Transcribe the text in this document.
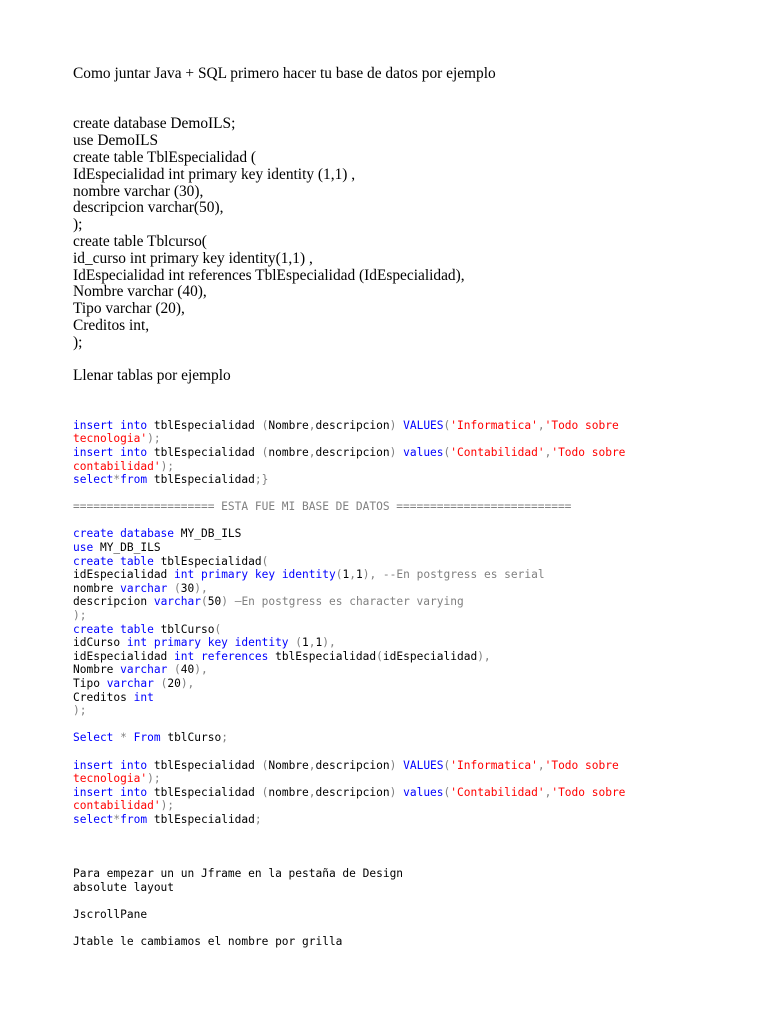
Como juntar Java + SQL primero hacer tu base de datos por ejemplo
create database DemoILS;
use DemoILS
create table TblEspecialidad (
IdEspecialidad int primary key identity (1,1) ,
nombre varchar (30),
descripcion varchar(50),
);
create table Tblcurso(
id_curso int primary key identity(1,1) ,
IdEspecialidad int references TblEspecialidad (IdEspecialidad),
Nombre varchar (40),
Tipo varchar (20),
Creditos int,
);
Llenar tablas por ejemplo
insert into tblEspecialidad (Nombre,descripcion) VALUES('Informatica','Todo sobre
tecnologia');
insert into tblEspecialidad (nombre,descripcion) values('Contabilidad','Todo sobre
contabilidad');
select*from tblEspecialidad;}
===================== ESTA FUE MI BASE DE DATOS ==========================
create database MY_DB_ILS
use MY_DB_ILS
create table tblEspecialidad(
idEspecialidad int primary key identity(1,1), --En postgress es serial
nombre varchar (30),
descripcion varchar(50) –En postgress es character varying
);
create table tblCurso(
idCurso int primary key identity (1,1),
idEspecialidad int references tblEspecialidad(idEspecialidad),
Nombre varchar (40),
Tipo varchar (20),
Creditos int
);
Select * From tblCurso;
insert into tblEspecialidad (Nombre,descripcion) VALUES('Informatica','Todo sobre
tecnologia');
insert into tblEspecialidad (nombre,descripcion) values('Contabilidad','Todo sobre
contabilidad');
select*from tblEspecialidad;
Para empezar un un Jframe en la pestaña de Design
absolute layout
JscrollPane
Jtable le cambiamos el nombre por grilla
